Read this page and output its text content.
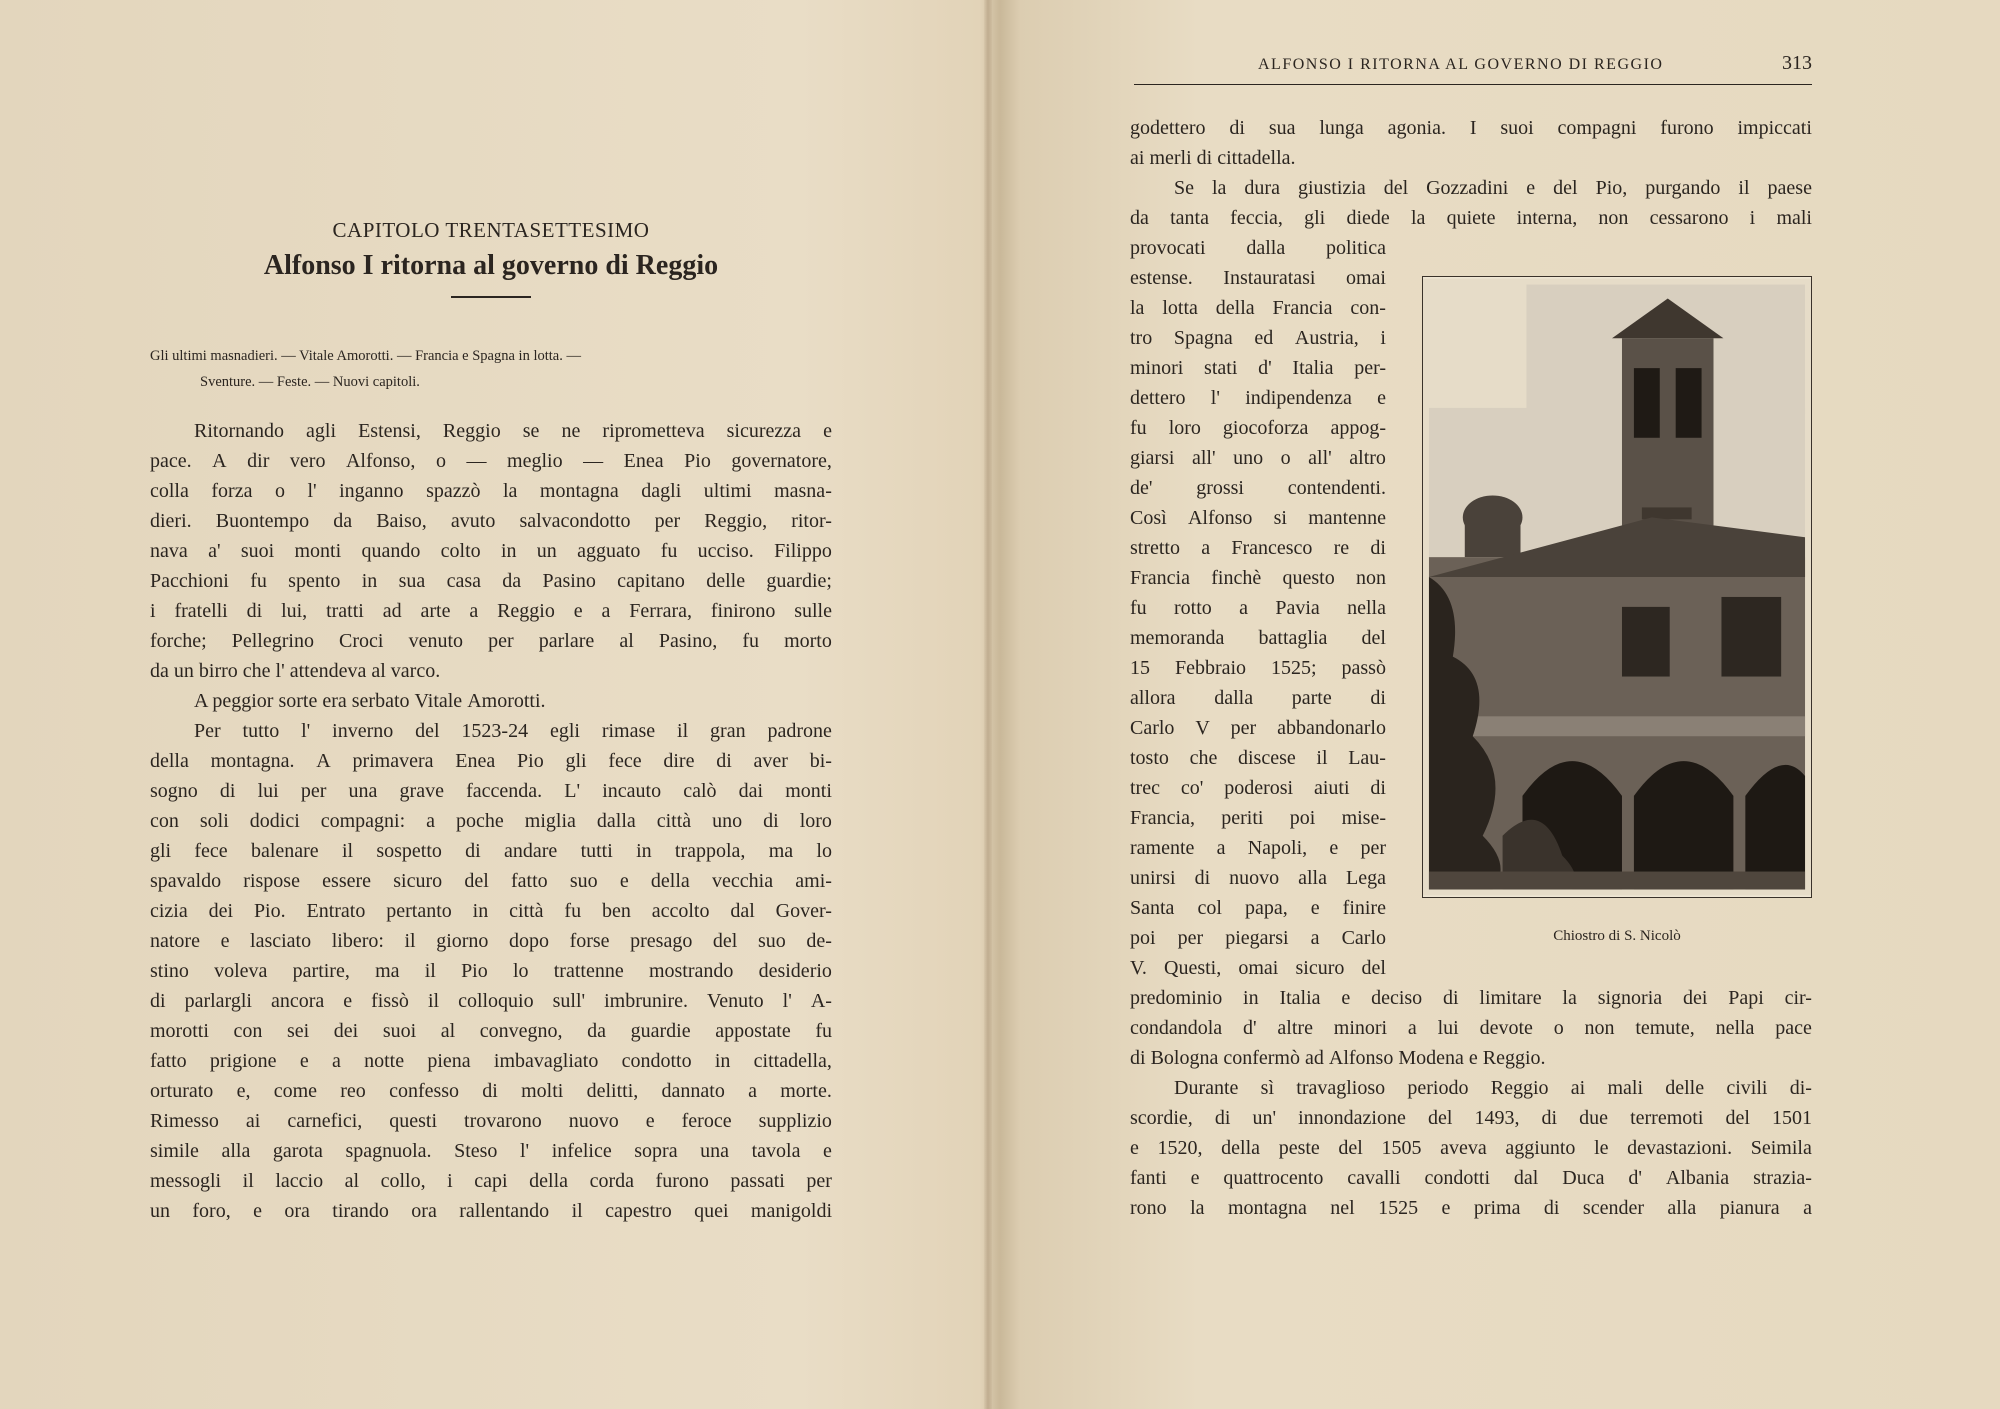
CAPITOLO TRENTASETTESIMO
Alfonso I ritorna al governo di Reggio
Gli ultimi masnadieri. — Vitale Amorotti. — Francia e Spagna in lotta. —
Sventure. — Feste. — Nuovi capitoli.
Ritornando agli Estensi, Reggio se ne riprometteva sicurezza e
pace. A dir vero Alfonso, o — meglio — Enea Pio governatore,
colla forza o l' inganno spazzò la montagna dagli ultimi masna-
dieri. Buontempo da Baiso, avuto salvacondotto per Reggio, ritor-
nava a' suoi monti quando colto in un agguato fu ucciso. Filippo
Pacchioni fu spento in sua casa da Pasino capitano delle guardie;
i fratelli di lui, tratti ad arte a Reggio e a Ferrara, finirono sulle
forche; Pellegrino Croci venuto per parlare al Pasino, fu morto
da un birro che l' attendeva al varco.
A peggior sorte era serbato Vitale Amorotti.
Per tutto l' inverno del 1523-24 egli rimase il gran padrone
della montagna. A primavera Enea Pio gli fece dire di aver bi-
sogno di lui per una grave faccenda. L' incauto calò dai monti
con soli dodici compagni: a poche miglia dalla città uno di loro
gli fece balenare il sospetto di andare tutti in trappola, ma lo
spavaldo rispose essere sicuro del fatto suo e della vecchia ami-
cizia dei Pio. Entrato pertanto in città fu ben accolto dal Gover-
natore e lasciato libero: il giorno dopo forse presago del suo de-
stino voleva partire, ma il Pio lo trattenne mostrando desiderio
di parlargli ancora e fissò il colloquio sull' imbrunire. Venuto l' A-
morotti con sei dei suoi al convegno, da guardie appostate fu
fatto prigione e a notte piena imbavagliato condotto in cittadella,
orturato e, come reo confesso di molti delitti, dannato a morte.
Rimesso ai carnefici, questi trovarono nuovo e feroce supplizio
simile alla garota spagnuola. Steso l' infelice sopra una tavola e
messogli il laccio al collo, i capi della corda furono passati per
un foro, e ora tirando ora rallentando il capestro quei manigoldi
ALFONSO I RITORNA AL GOVERNO DI REGGIO	313
godettero di sua lunga agonia. I suoi compagni furono impiccati
ai merli di cittadella.
Se la dura giustizia del Gozzadini e del Pio, purgando il paese
da tanta feccia, gli diede la quiete interna, non cessarono i mali
provocati dalla politica
estense. Instauratasi omai
la lotta della Francia con-
tro Spagna ed Austria, i
minori stati d' Italia per-
dettero l' indipendenza e
fu loro giocoforza appog-
giarsi all' uno o all' altro
de' grossi contendenti.
Così Alfonso si mantenne
stretto a Francesco re di
Francia finchè questo non
fu rotto a Pavia nella
memoranda battaglia del
15 Febbraio 1525; passò
allora dalla parte di
Carlo V per abbandonarlo
tosto che discese il Lau-
trec co' poderosi aiuti di
Francia, periti poi mise-
ramente a Napoli, e per
unirsi di nuovo alla Lega
Santa col papa, e finire
poi per piegarsi a Carlo
V. Questi, omai sicuro del
predominio in Italia e deciso di limitare la signoria dei Papi cir-
condandola d' altre minori a lui devote o non temute, nella pace
di Bologna confermò ad Alfonso Modena e Reggio.
Durante sì travaglioso periodo Reggio ai mali delle civili di-
scordie, di un' innondazione del 1493, di due terremoti del 1501
e 1520, della peste del 1505 aveva aggiunto le devastazioni. Seimila
fanti e quattrocento cavalli condotti dal Duca d' Albania strazia-
rono la montagna nel 1525 e prima di scender alla pianura a
Chiostro di S. Nicolò
